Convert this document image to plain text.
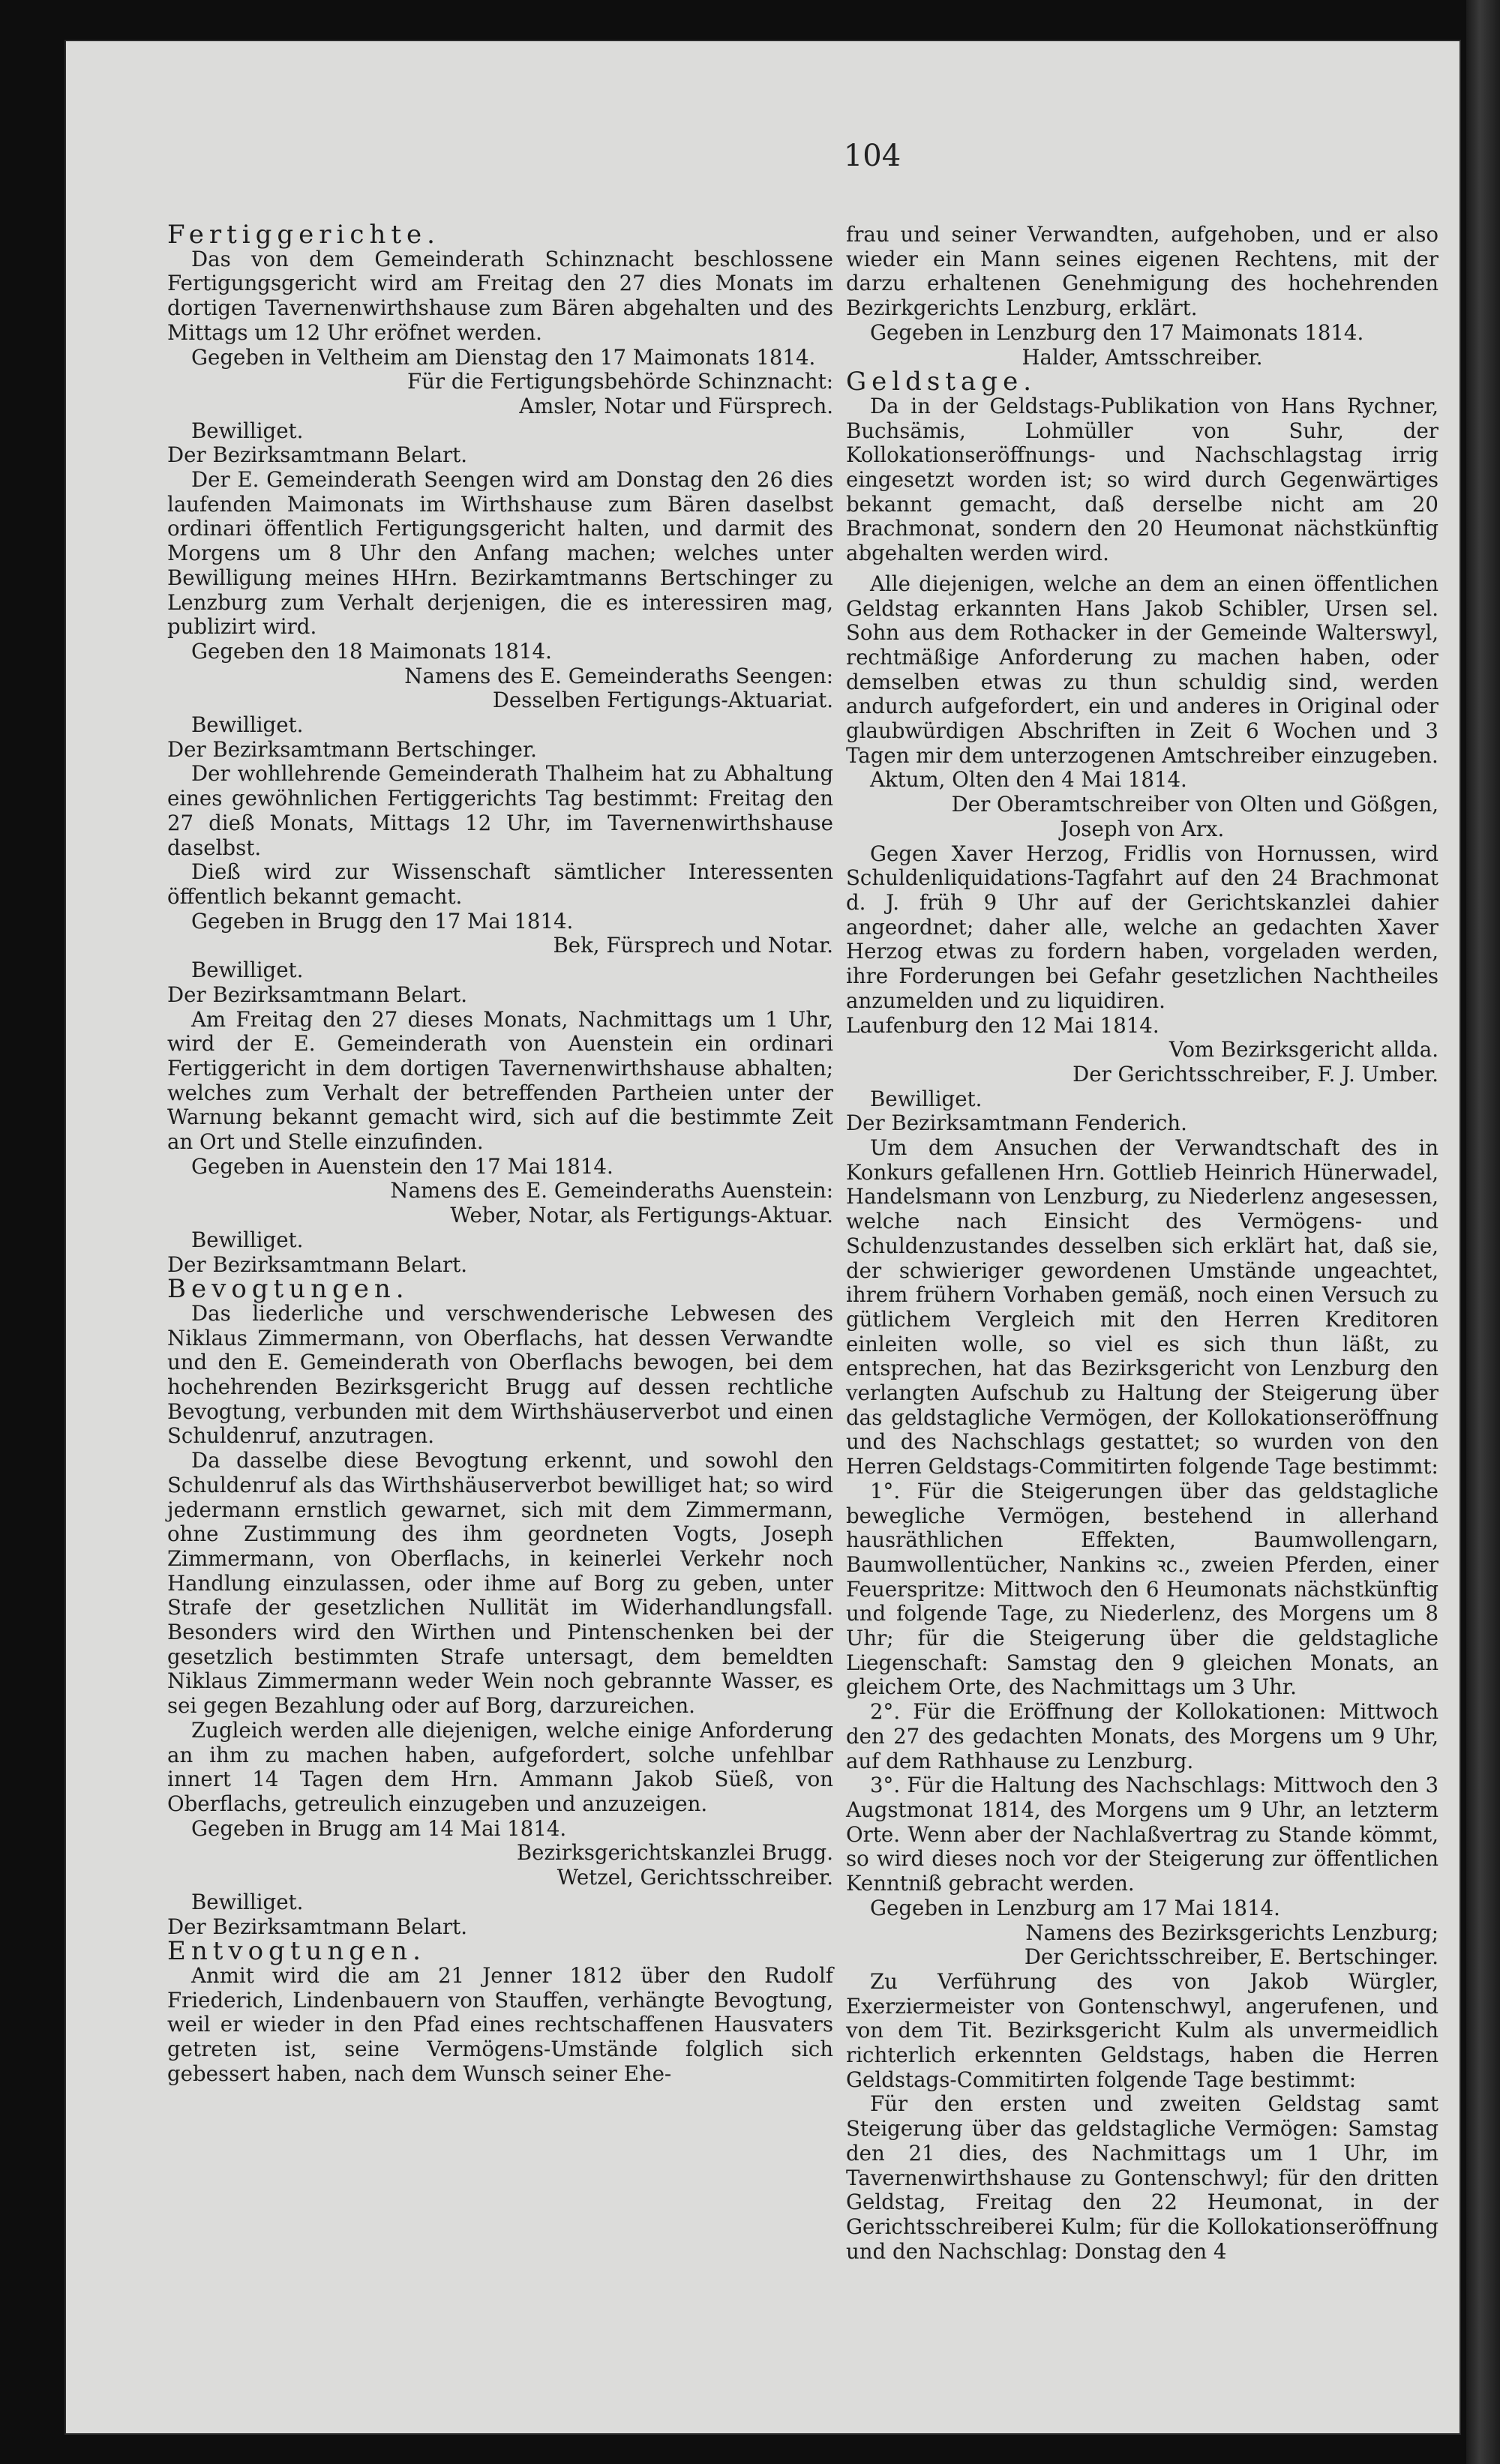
104

Fertiggerichte.

Das von dem Gemeinderath Schinznacht beschlossene Fertigungsgericht wird am Freitag den 27 dies Monats im dortigen Tavernenwirthshause zum Bären abgehalten und des Mittags um 12 Uhr eröfnet werden.

Gegeben in Veltheim am Dienstag den 17 Maimonats 1814.

Für die Fertigungsbehörde Schinznacht:

Amsler, Notar und Fürsprech.

Bewilliget.

Der Bezirksamtmann Belart.

Der E. Gemeinderath Seengen wird am Donstag den 26 dies laufenden Maimonats im Wirthshause zum Bären daselbst ordinari öffentlich Fertigungsgericht halten, und darmit des Morgens um 8 Uhr den Anfang machen; welches unter Bewilligung meines HHrn. Bezirkamtmanns Bertschinger zu Lenzburg zum Verhalt derjenigen, die es interessiren mag, publizirt wird.

Gegeben den 18 Maimonats 1814.

Namens des E. Gemeinderaths Seengen:

Desselben Fertigungs-Aktuariat.

Bewilliget.

Der Bezirksamtmann Bertschinger.

Der wohllehrende Gemeinderath Thalheim hat zu Abhaltung eines gewöhnlichen Fertiggerichts Tag bestimmt: Freitag den 27 dieß Monats, Mittags 12 Uhr, im Tavernenwirthshause daselbst.

Dieß wird zur Wissenschaft sämtlicher Interessenten öffentlich bekannt gemacht.

Gegeben in Brugg den 17 Mai 1814.

Bek, Fürsprech und Notar.

Bewilliget.

Der Bezirksamtmann Belart.

Am Freitag den 27 dieses Monats, Nachmittags um 1 Uhr, wird der E. Gemeinderath von Auenstein ein ordinari Fertiggericht in dem dortigen Tavernenwirthshause abhalten; welches zum Verhalt der betreffenden Partheien unter der Warnung bekannt gemacht wird, sich auf die bestimmte Zeit an Ort und Stelle einzufinden.

Gegeben in Auenstein den 17 Mai 1814.

Namens des E. Gemeinderaths Auenstein:

Weber, Notar, als Fertigungs-Aktuar.

Bewilliget.

Der Bezirksamtmann Belart.

Bevogtungen.

Das liederliche und verschwenderische Lebwesen des Niklaus Zimmermann, von Oberflachs, hat dessen Verwandte und den E. Gemeinderath von Oberflachs bewogen, bei dem hochehrenden Bezirksgericht Brugg auf dessen rechtliche Bevogtung, verbunden mit dem Wirthshäuserverbot und einen Schuldenruf, anzutragen.

Da dasselbe diese Bevogtung erkennt, und sowohl den Schuldenruf als das Wirthshäuserverbot bewilliget hat; so wird jedermann ernstlich gewarnet, sich mit dem Zimmermann, ohne Zustimmung des ihm geordneten Vogts, Joseph Zimmermann, von Oberflachs, in keinerlei Verkehr noch Handlung einzulassen, oder ihme auf Borg zu geben, unter Strafe der gesetzlichen Nullität im Widerhandlungsfall. Besonders wird den Wirthen und Pintenschenken bei der gesetzlich bestimmten Strafe untersagt, dem bemeldten Niklaus Zimmermann weder Wein noch gebrannte Wasser, es sei gegen Bezahlung oder auf Borg, darzureichen.

Zugleich werden alle diejenigen, welche einige Anforderung an ihm zu machen haben, aufgefordert, solche unfehlbar innert 14 Tagen dem Hrn. Ammann Jakob Süeß, von Oberflachs, getreulich einzugeben und anzuzeigen.

Gegeben in Brugg am 14 Mai 1814.

Bezirksgerichtskanzlei Brugg.

Wetzel, Gerichtsschreiber.

Bewilliget.

Der Bezirksamtmann Belart.

Entvogtungen.

Anmit wird die am 21 Jenner 1812 über den Rudolf Friederich, Lindenbauern von Stauffen, verhängte Bevogtung, weil er wieder in den Pfad eines rechtschaffenen Hausvaters getreten ist, seine Vermögens-Umstände folglich sich gebessert haben, nach dem Wunsch seiner Ehe-

frau und seiner Verwandten, aufgehoben, und er also wieder ein Mann seines eigenen Rechtens, mit der darzu erhaltenen Genehmigung des hochehrenden Bezirkgerichts Lenzburg, erklärt.

Gegeben in Lenzburg den 17 Maimonats 1814.

Halder, Amtsschreiber.

Geldstage.

Da in der Geldstags-Publikation von Hans Rychner, Buchsämis, Lohmüller von Suhr, der Kollokationseröffnungs- und Nachschlagstag irrig eingesetzt worden ist; so wird durch Gegenwärtiges bekannt gemacht, daß derselbe nicht am 20 Brachmonat, sondern den 20 Heumonat nächstkünftig abgehalten werden wird.

Alle diejenigen, welche an dem an einen öffentlichen Geldstag erkannten Hans Jakob Schibler, Ursen sel. Sohn aus dem Rothacker in der Gemeinde Walterswyl, rechtmäßige Anforderung zu machen haben, oder demselben etwas zu thun schuldig sind, werden andurch aufgefordert, ein und anderes in Original oder glaubwürdigen Abschriften in Zeit 6 Wochen und 3 Tagen mir dem unterzogenen Amtschreiber einzugeben.

Aktum, Olten den 4 Mai 1814.

Der Oberamtschreiber von Olten und Gößgen,

Joseph von Arx.

Gegen Xaver Herzog, Fridlis von Hornussen, wird Schuldenliquidations-Tagfahrt auf den 24 Brachmonat d. J. früh 9 Uhr auf der Gerichtskanzlei dahier angeordnet; daher alle, welche an gedachten Xaver Herzog etwas zu fordern haben, vorgeladen werden, ihre Forderungen bei Gefahr gesetzlichen Nachtheiles anzumelden und zu liquidiren.

Laufenburg den 12 Mai 1814.

Vom Bezirksgericht allda.

Der Gerichtsschreiber, F. J. Umber.

Bewilliget.

Der Bezirksamtmann Fenderich.

Um dem Ansuchen der Verwandtschaft des in Konkurs gefallenen Hrn. Gottlieb Heinrich Hünerwadel, Handelsmann von Lenzburg, zu Niederlenz angesessen, welche nach Einsicht des Vermögens- und Schuldenzustandes desselben sich erklärt hat, daß sie, der schwieriger gewordenen Umstände ungeachtet, ihrem frühern Vorhaben gemäß, noch einen Versuch zu gütlichem Vergleich mit den Herren Kreditoren einleiten wolle, so viel es sich thun läßt, zu entsprechen, hat das Bezirksgericht von Lenzburg den verlangten Aufschub zu Haltung der Steigerung über das geldstagliche Vermögen, der Kollokationseröffnung und des Nachschlags gestattet; so wurden von den Herren Geldstags-Commitirten folgende Tage bestimmt:

1°. Für die Steigerungen über das geldstagliche bewegliche Vermögen, bestehend in allerhand hausräthlichen Effekten, Baumwollengarn, Baumwollentücher, Nankins ꝛc., zweien Pferden, einer Feuerspritze: Mittwoch den 6 Heumonats nächstkünftig und folgende Tage, zu Niederlenz, des Morgens um 8 Uhr; für die Steigerung über die geldstagliche Liegenschaft: Samstag den 9 gleichen Monats, an gleichem Orte, des Nachmittags um 3 Uhr.

2°. Für die Eröffnung der Kollokationen: Mittwoch den 27 des gedachten Monats, des Morgens um 9 Uhr, auf dem Rathhause zu Lenzburg.

3°. Für die Haltung des Nachschlags: Mittwoch den 3 Augstmonat 1814, des Morgens um 9 Uhr, an letzterm Orte. Wenn aber der Nachlaßvertrag zu Stande kömmt, so wird dieses noch vor der Steigerung zur öffentlichen Kenntniß gebracht werden.

Gegeben in Lenzburg am 17 Mai 1814.

Namens des Bezirksgerichts Lenzburg;

Der Gerichtsschreiber, E. Bertschinger.

Zu Verführung des von Jakob Würgler, Exerziermeister von Gontenschwyl, angerufenen, und von dem Tit. Bezirksgericht Kulm als unvermeidlich richterlich erkennten Geldstags, haben die Herren Geldstags-Commitirten folgende Tage bestimmt:

Für den ersten und zweiten Geldstag samt Steigerung über das geldstagliche Vermögen: Samstag den 21 dies, des Nachmittags um 1 Uhr, im Tavernenwirthshause zu Gontenschwyl; für den dritten Geldstag, Freitag den 22 Heumonat, in der Gerichtsschreiberei Kulm; für die Kollokationseröffnung und den Nachschlag: Donstag den 4
